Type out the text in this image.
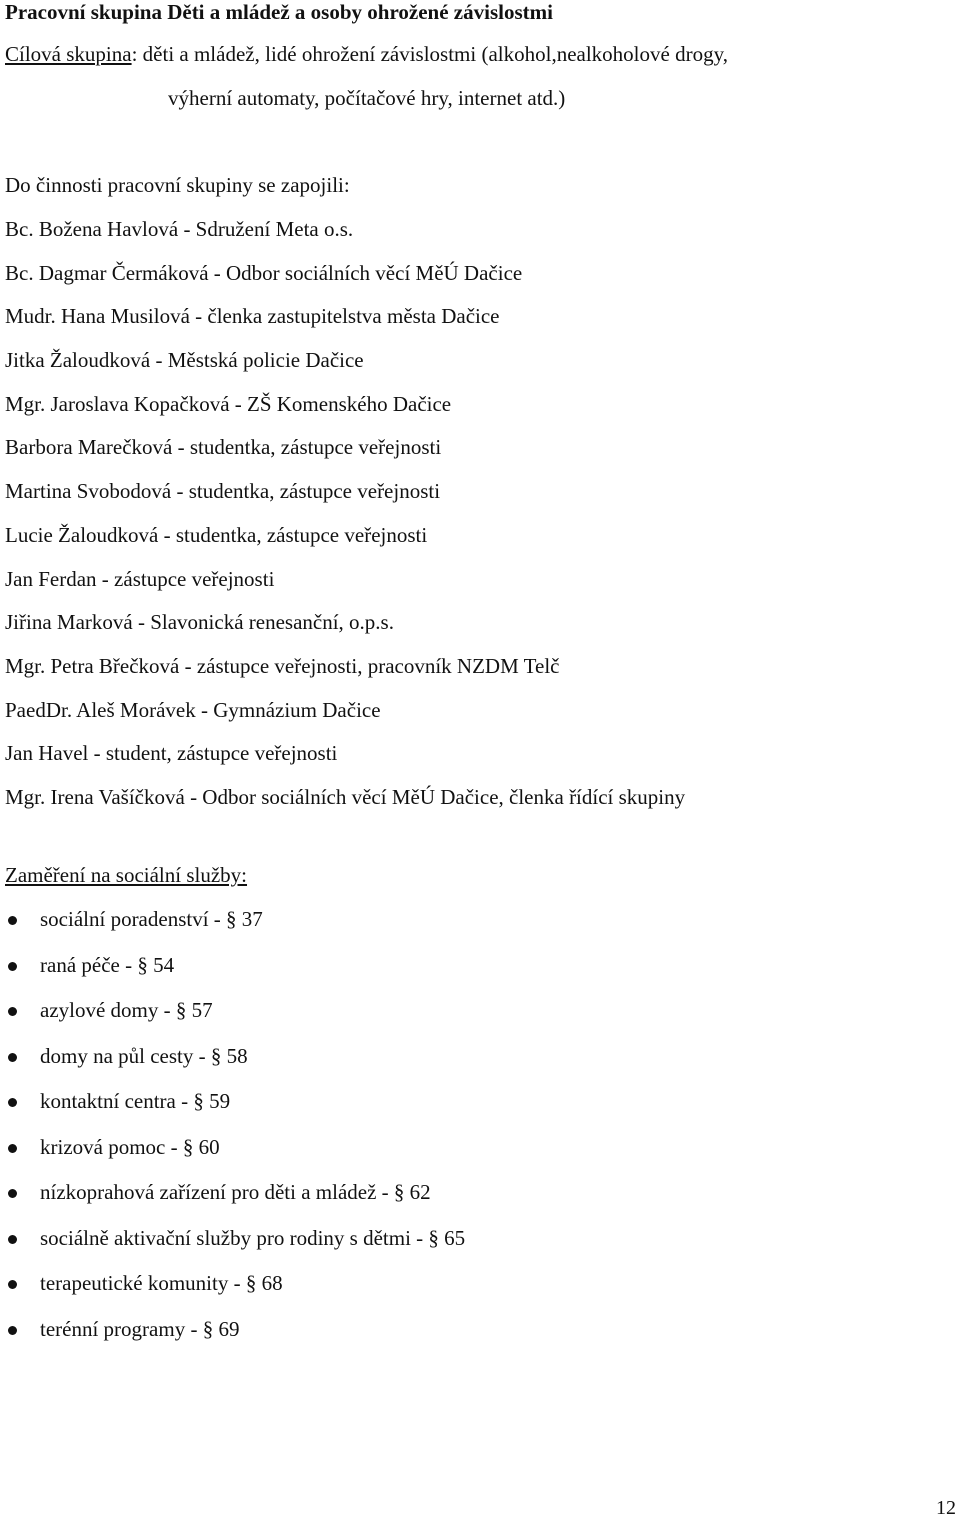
Pracovní skupina Děti a mládež a osoby ohrožené závislostmi
Cílová skupina: děti a mládež, lidé ohrožení závislostmi (alkohol,nealkoholové drogy,
výherní automaty, počítačové hry, internet atd.)
Do činnosti pracovní skupiny se zapojili:
Bc. Božena Havlová - Sdružení Meta o.s.
Bc. Dagmar Čermáková - Odbor sociálních věcí MěÚ Dačice
Mudr. Hana Musilová - členka zastupitelstva města Dačice
Jitka Žaloudková - Městská policie Dačice
Mgr. Jaroslava Kopačková - ZŠ Komenského Dačice
Barbora Marečková - studentka, zástupce veřejnosti
Martina Svobodová - studentka, zástupce veřejnosti
Lucie Žaloudková - studentka, zástupce veřejnosti
Jan Ferdan - zástupce veřejnosti
Jiřina Marková - Slavonická renesanční, o.p.s.
Mgr. Petra Břečková - zástupce veřejnosti, pracovník NZDM Telč
PaedDr. Aleš Morávek - Gymnázium Dačice
Jan Havel - student, zástupce veřejnosti
Mgr. Irena Vašíčková - Odbor sociálních věcí MěÚ Dačice, členka řídící skupiny
Zaměření na sociální služby:
sociální poradenství - § 37
raná péče - § 54
azylové domy - § 57
domy na půl cesty - § 58
kontaktní centra - § 59
krizová pomoc - § 60
nízkoprahová zařízení pro děti a mládež - § 62
sociálně aktivační služby pro rodiny s dětmi - § 65
terapeutické komunity - § 68
terénní programy - § 69
12
